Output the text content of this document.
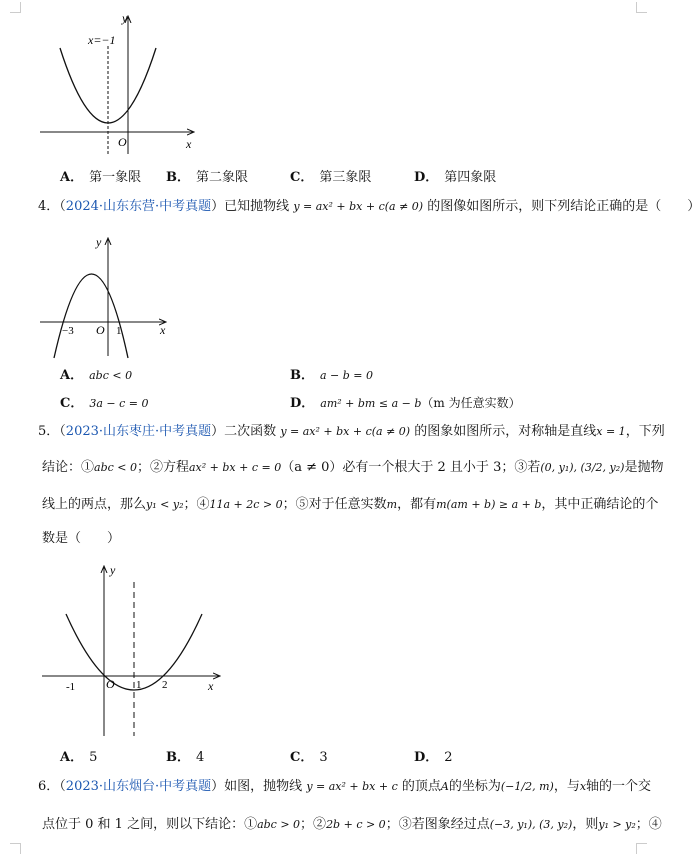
x=−1
y
x
O
A． 第一象限 B． 第二象限	C． 第三象限	D． 第四象限
4．（2024·山东东营·中考真题）已知抛物线 y = ax² + bx + c(a ≠ 0) 的图像如图所示，则下列结论正确的是（　　）
y
x
−3 O 1
A． abc < 0	B． a − b = 0
C． 3a − c = 0	D． am² + bm ≤ a − b（m 为任意实数）
5．（2023·山东枣庄·中考真题）二次函数 y = ax² + bx + c(a ≠ 0) 的图象如图所示，对称轴是直线x = 1，下列
结论：①abc < 0；②方程ax² + bx + c = 0（a ≠ 0）必有一个根大于 2 且小于 3；③若(0, y₁), (3/2, y₂)是抛物
线上的两点，那么y₁ < y₂；④11a + 2c > 0；⑤对于任意实数m，都有m(am + b) ≥ a + b，其中正确结论的个
数是（　　）
y
x
-1	O 1 2
A． 5	B． 4	C． 3	D． 2
6．（2023·山东烟台·中考真题）如图，抛物线 y = ax² + bx + c 的顶点A的坐标为(−1/2, m)，与x轴的一个交
点位于 0 和 1 之间，则以下结论：①abc > 0；②2b + c > 0；③若图象经过点(−3, y₁), (3, y₂)，则y₁ > y₂；④
